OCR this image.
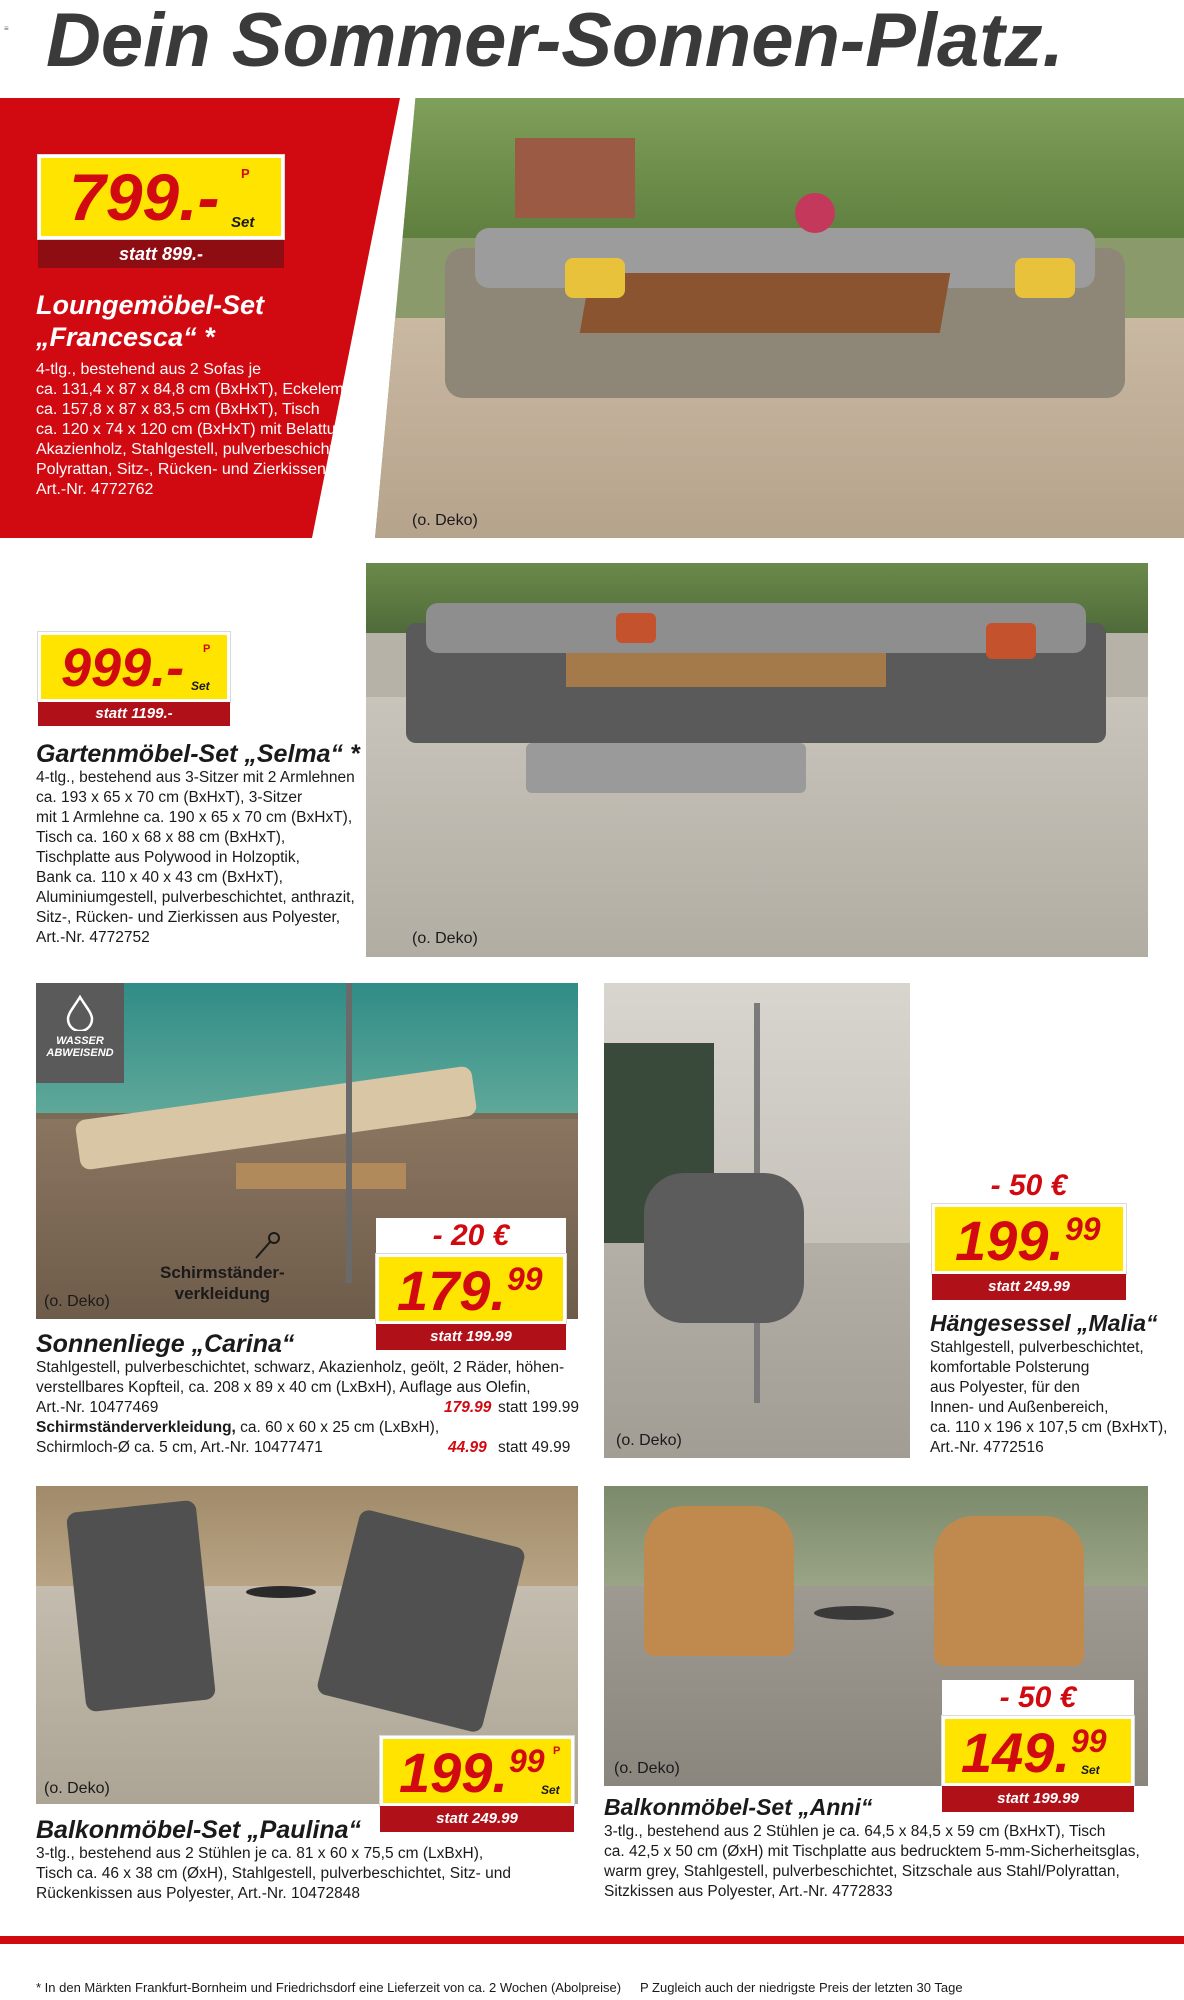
≡ Dein Sommer-Sonnen-Platz.
(o. Deko)
799.- P
Set
statt 899.-
Loungemöbel-Set
„Francesca“ *
4-tlg., bestehend aus 2 Sofas je
ca. 131,4 x 87 x 84,8 cm (BxHxT), Eckelement
ca. 157,8 x 87 x 83,5 cm (BxHxT), Tisch
ca. 120 x 74 x 120 cm (BxHxT) mit Belattung aus
Akazienholz, Stahlgestell, pulverbeschichtet,
Polyrattan, Sitz-, Rücken- und Zierkissen,
Art.-Nr. 4772762
(o. Deko)
999.- P
Set
statt 1199.-
Gartenmöbel-Set „Selma“ *
4-tlg., bestehend aus 3-Sitzer mit 2 Armlehnen
ca. 193 x 65 x 70 cm (BxHxT), 3-Sitzer
mit 1 Armlehne ca. 190 x 65 x 70 cm (BxHxT),
Tisch ca. 160 x 68 x 88 cm (BxHxT),
Tischplatte aus Polywood in Holzoptik,
Bank ca. 110 x 40 x 43 cm (BxHxT),
Aluminiumgestell, pulverbeschichtet, anthrazit,
Sitz-, Rücken- und Zierkissen aus Polyester,
Art.-Nr. 4772752
WASSER
ABWEISEND
Schirmständer-
verkleidung
(o. Deko)
- 20 €
179. 99
statt 199.99
Sonnenliege „Carina“
Stahlgestell, pulverbeschichtet, schwarz, Akazienholz, geölt, 2 Räder, höhen-
verstellbares Kopfteil, ca. 208 x 89 x 40 cm (LxBxH), Auflage aus Olefin,
Art.-Nr. 10477469	179.99 statt 199.99
Schirmständerverkleidung, ca. 60 x 60 x 25 cm (LxBxH),
Schirmloch-Ø ca. 5 cm, Art.-Nr. 10477471	44.99 statt 49.99	(o. Deko)
- 50 €
199. 99
statt 249.99
Hängesessel „Malia“
Stahlgestell, pulverbeschichtet,
komfortable Polsterung
aus Polyester, für den
Innen- und Außenbereich,
ca. 110 x 196 x 107,5 cm (BxHxT),
Art.-Nr. 4772516
(o. Deko)	199. 99 P
Set
statt 249.99
Balkonmöbel-Set „Paulina“
3-tlg., bestehend aus 2 Stühlen je ca. 81 x 60 x 75,5 cm (LxBxH),
Tisch ca. 46 x 38 cm (ØxH), Stahlgestell, pulverbeschichtet, Sitz- und
Rückenkissen aus Polyester, Art.-Nr. 10472848
(o. Deko)
- 50 €
149. 99
Set
statt 199.99
Balkonmöbel-Set „Anni“
3-tlg., bestehend aus 2 Stühlen je ca. 64,5 x 84,5 x 59 cm (BxHxT), Tisch
ca. 42,5 x 50 cm (ØxH) mit Tischplatte aus bedrucktem 5-mm-Sicherheitsglas,
warm grey, Stahlgestell, pulverbeschichtet, Sitzschale aus Stahl/Polyrattan,
Sitzkissen aus Polyester, Art.-Nr. 4772833
* In den Märkten Frankfurt-Bornheim und Friedrichsdorf eine Lieferzeit von ca. 2 Wochen (Abolpreise) P Zugleich auch der niedrigste Preis der letzten 30 Tage
